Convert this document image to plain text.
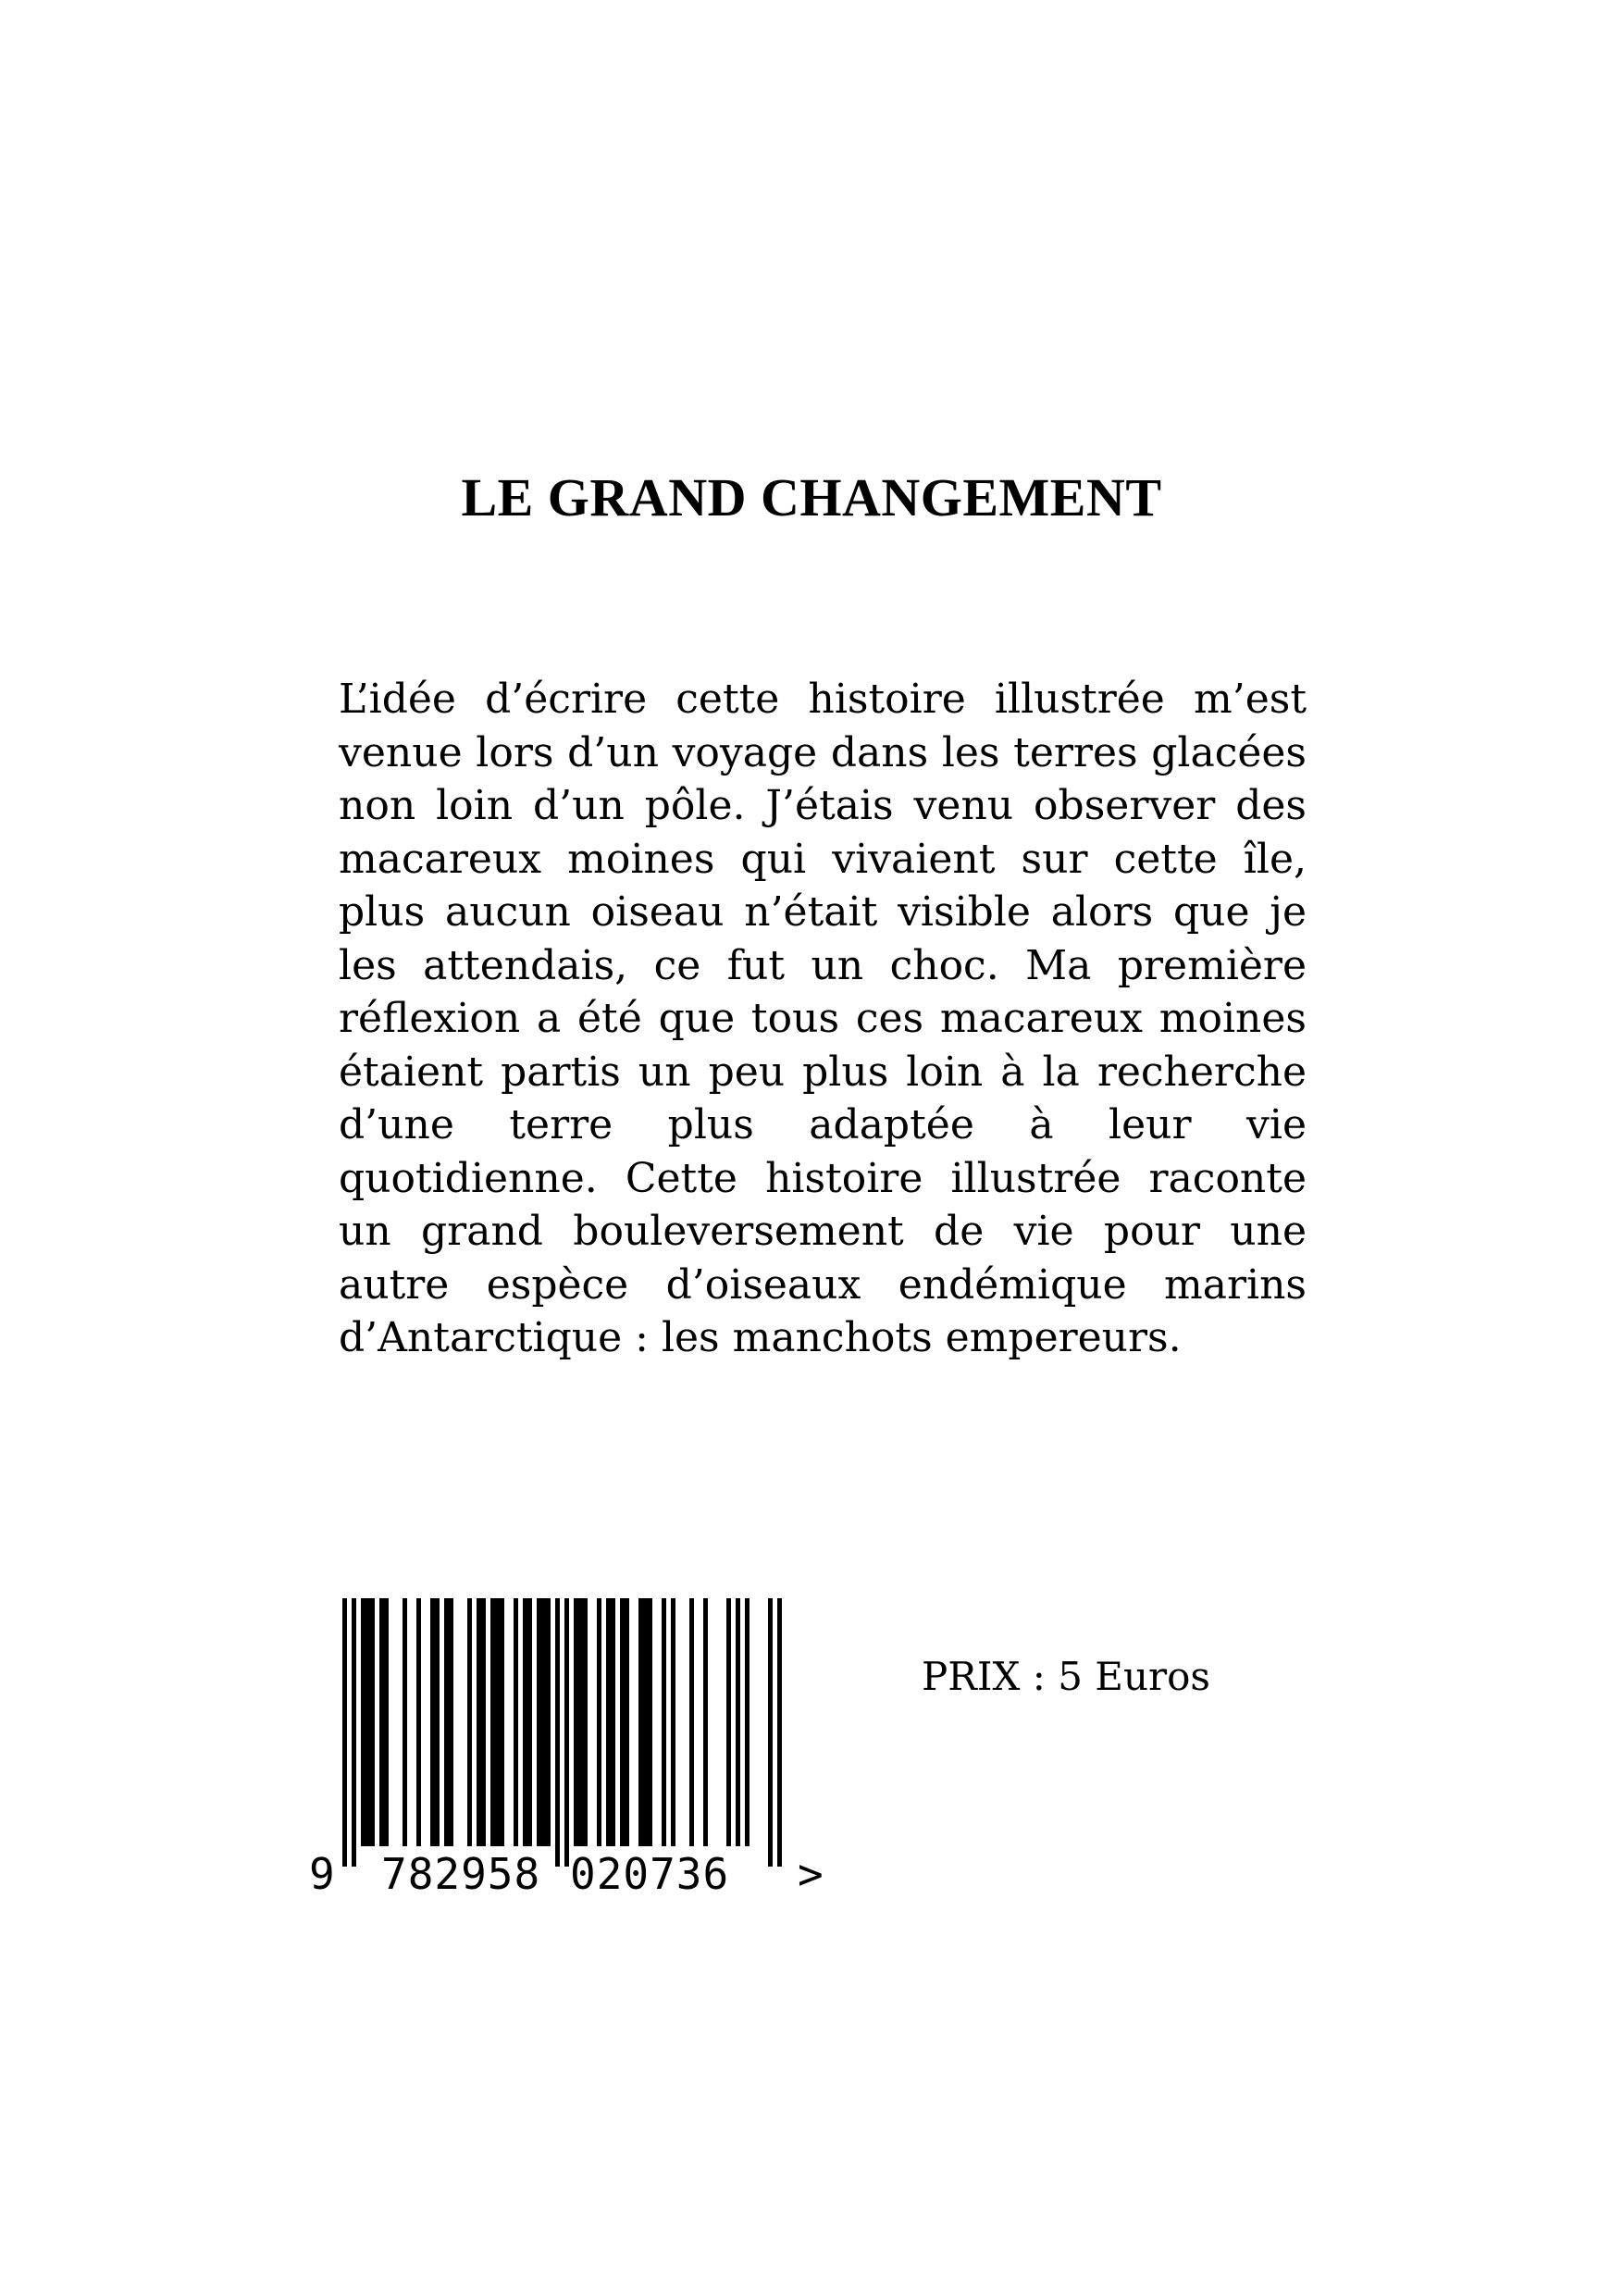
LE GRAND CHANGEMENT

L’idée d’écrire cette histoire illustrée m’est venue lors d’un voyage dans les terres glacées non loin d’un pôle. J’étais venu observer des macareux moines qui vivaient sur cette île, plus aucun oiseau n’était visible alors que je les attendais, ce fut un choc. Ma première réflexion a été que tous ces macareux moines étaient partis un peu plus loin à la recherche d’une terre plus adaptée à leur vie quotidienne. Cette histoire illustrée raconte un grand bouleversement de vie pour une autre espèce d’oiseaux endémique marins d’Antarctique : les manchots empereurs.

9 782958 020736 >

PRIX : 5 Euros
